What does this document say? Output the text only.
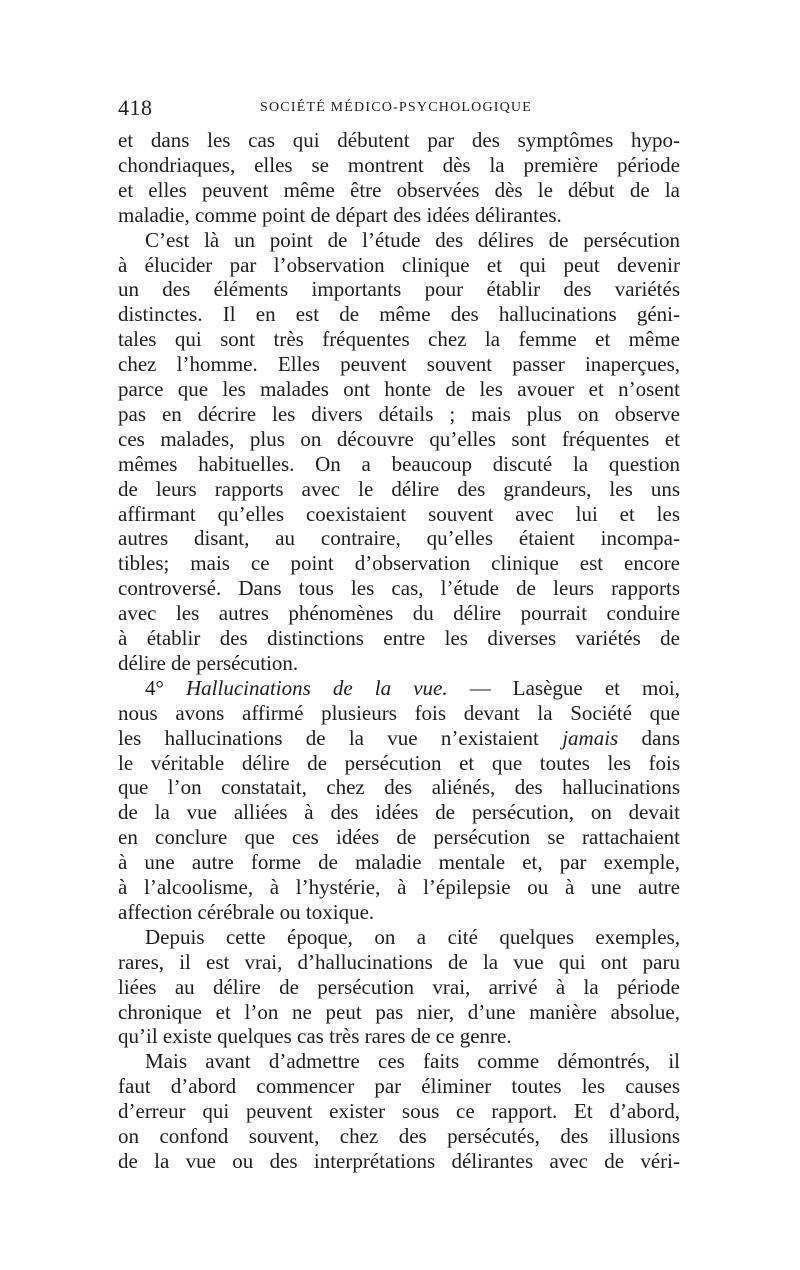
418	SOCIÉTÉ MÉDICO-PSYCHOLOGIQUE
et dans les cas qui débutent par des symptômes hypo-
chondriaques, elles se montrent dès la première période
et elles peuvent même être observées dès le début de la
maladie, comme point de départ des idées délirantes.
C’est là un point de l’étude des délires de persécution
à élucider par l’observation clinique et qui peut devenir
un des éléments importants pour établir des variétés
distinctes. Il en est de même des hallucinations géni-
tales qui sont très fréquentes chez la femme et même
chez l’homme. Elles peuvent souvent passer inaperçues,
parce que les malades ont honte de les avouer et n’osent
pas en décrire les divers détails ; mais plus on observe
ces malades, plus on découvre qu’elles sont fréquentes et
mêmes habituelles. On a beaucoup discuté la question
de leurs rapports avec le délire des grandeurs, les uns
affirmant qu’elles coexistaient souvent avec lui et les
autres disant, au contraire, qu’elles étaient incompa-
tibles; mais ce point d’observation clinique est encore
controversé. Dans tous les cas, l’étude de leurs rapports
avec les autres phénomènes du délire pourrait conduire
à établir des distinctions entre les diverses variétés de
délire de persécution.
4° Hallucinations de la vue. — Lasègue et moi,
nous avons affirmé plusieurs fois devant la Société que
les hallucinations de la vue n’existaient jamais dans
le véritable délire de persécution et que toutes les fois
que l’on constatait, chez des aliénés, des hallucinations
de la vue alliées à des idées de persécution, on devait
en conclure que ces idées de persécution se rattachaient
à une autre forme de maladie mentale et, par exemple,
à l’alcoolisme, à l’hystérie, à l’épilepsie ou à une autre
affection cérébrale ou toxique.
Depuis cette époque, on a cité quelques exemples,
rares, il est vrai, d’hallucinations de la vue qui ont paru
liées au délire de persécution vrai, arrivé à la période
chronique et l’on ne peut pas nier, d’une manière absolue,
qu’il existe quelques cas très rares de ce genre.
Mais avant d’admettre ces faits comme démontrés, il
faut d’abord commencer par éliminer toutes les causes
d’erreur qui peuvent exister sous ce rapport. Et d’abord,
on confond souvent, chez des persécutés, des illusions
de la vue ou des interprétations délirantes avec de véri-
